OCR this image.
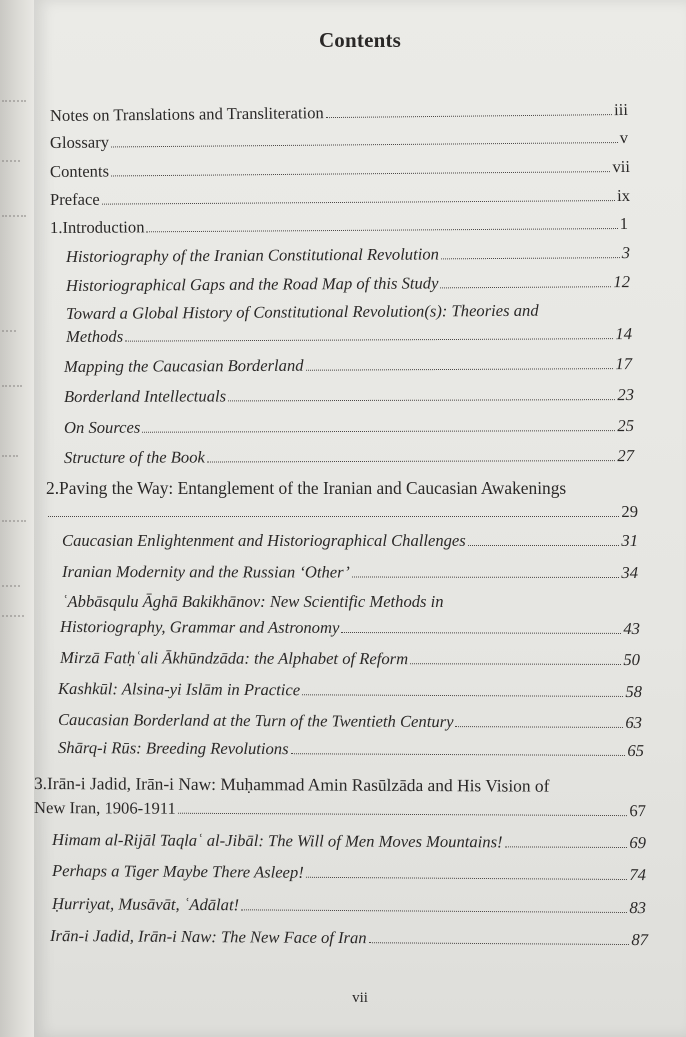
Contents
Notes on Translations and Transliteration	iii
Glossary	v
Contents	vii
Preface	ix
1.Introduction	1
Historiography of the Iranian Constitutional Revolution	3
Historiographical Gaps and the Road Map of this Study	12
Toward a Global History of Constitutional Revolution(s): Theories and
Methods	14
Mapping the Caucasian Borderland	17
Borderland Intellectuals	23
On Sources	25
Structure of the Book	27
2.Paving the Way: Entanglement of the Iranian and Caucasian Awakenings
29
Caucasian Enlightenment and Historiographical Challenges	31
Iranian Modernity and the Russian ‘Other’	34
ʿAbbāsqulu Āghā Bakikhānov: New Scientific Methods in
Historiography, Grammar and Astronomy	43
Mirzā Fatḥʿali Ākhūndzāda: the Alphabet of Reform	50
Kashkūl: Alsina-yi Islām in Practice	58
Caucasian Borderland at the Turn of the Twentieth Century	63
Shārq-i Rūs: Breeding Revolutions	65
3.Irān-i Jadid, Irān-i Naw: Muḥammad Amin Rasūlzāda and His Vision of
New Iran, 1906-1911	67
Himam al-Rijāl Taqlaʿ al-Jibāl: The Will of Men Moves Mountains!	69
Perhaps a Tiger Maybe There Asleep!	74
Ḥurriyat, Musāvāt, ʿAdālat!	83
Irān-i Jadid, Irān-i Naw: The New Face of Iran	87
vii
